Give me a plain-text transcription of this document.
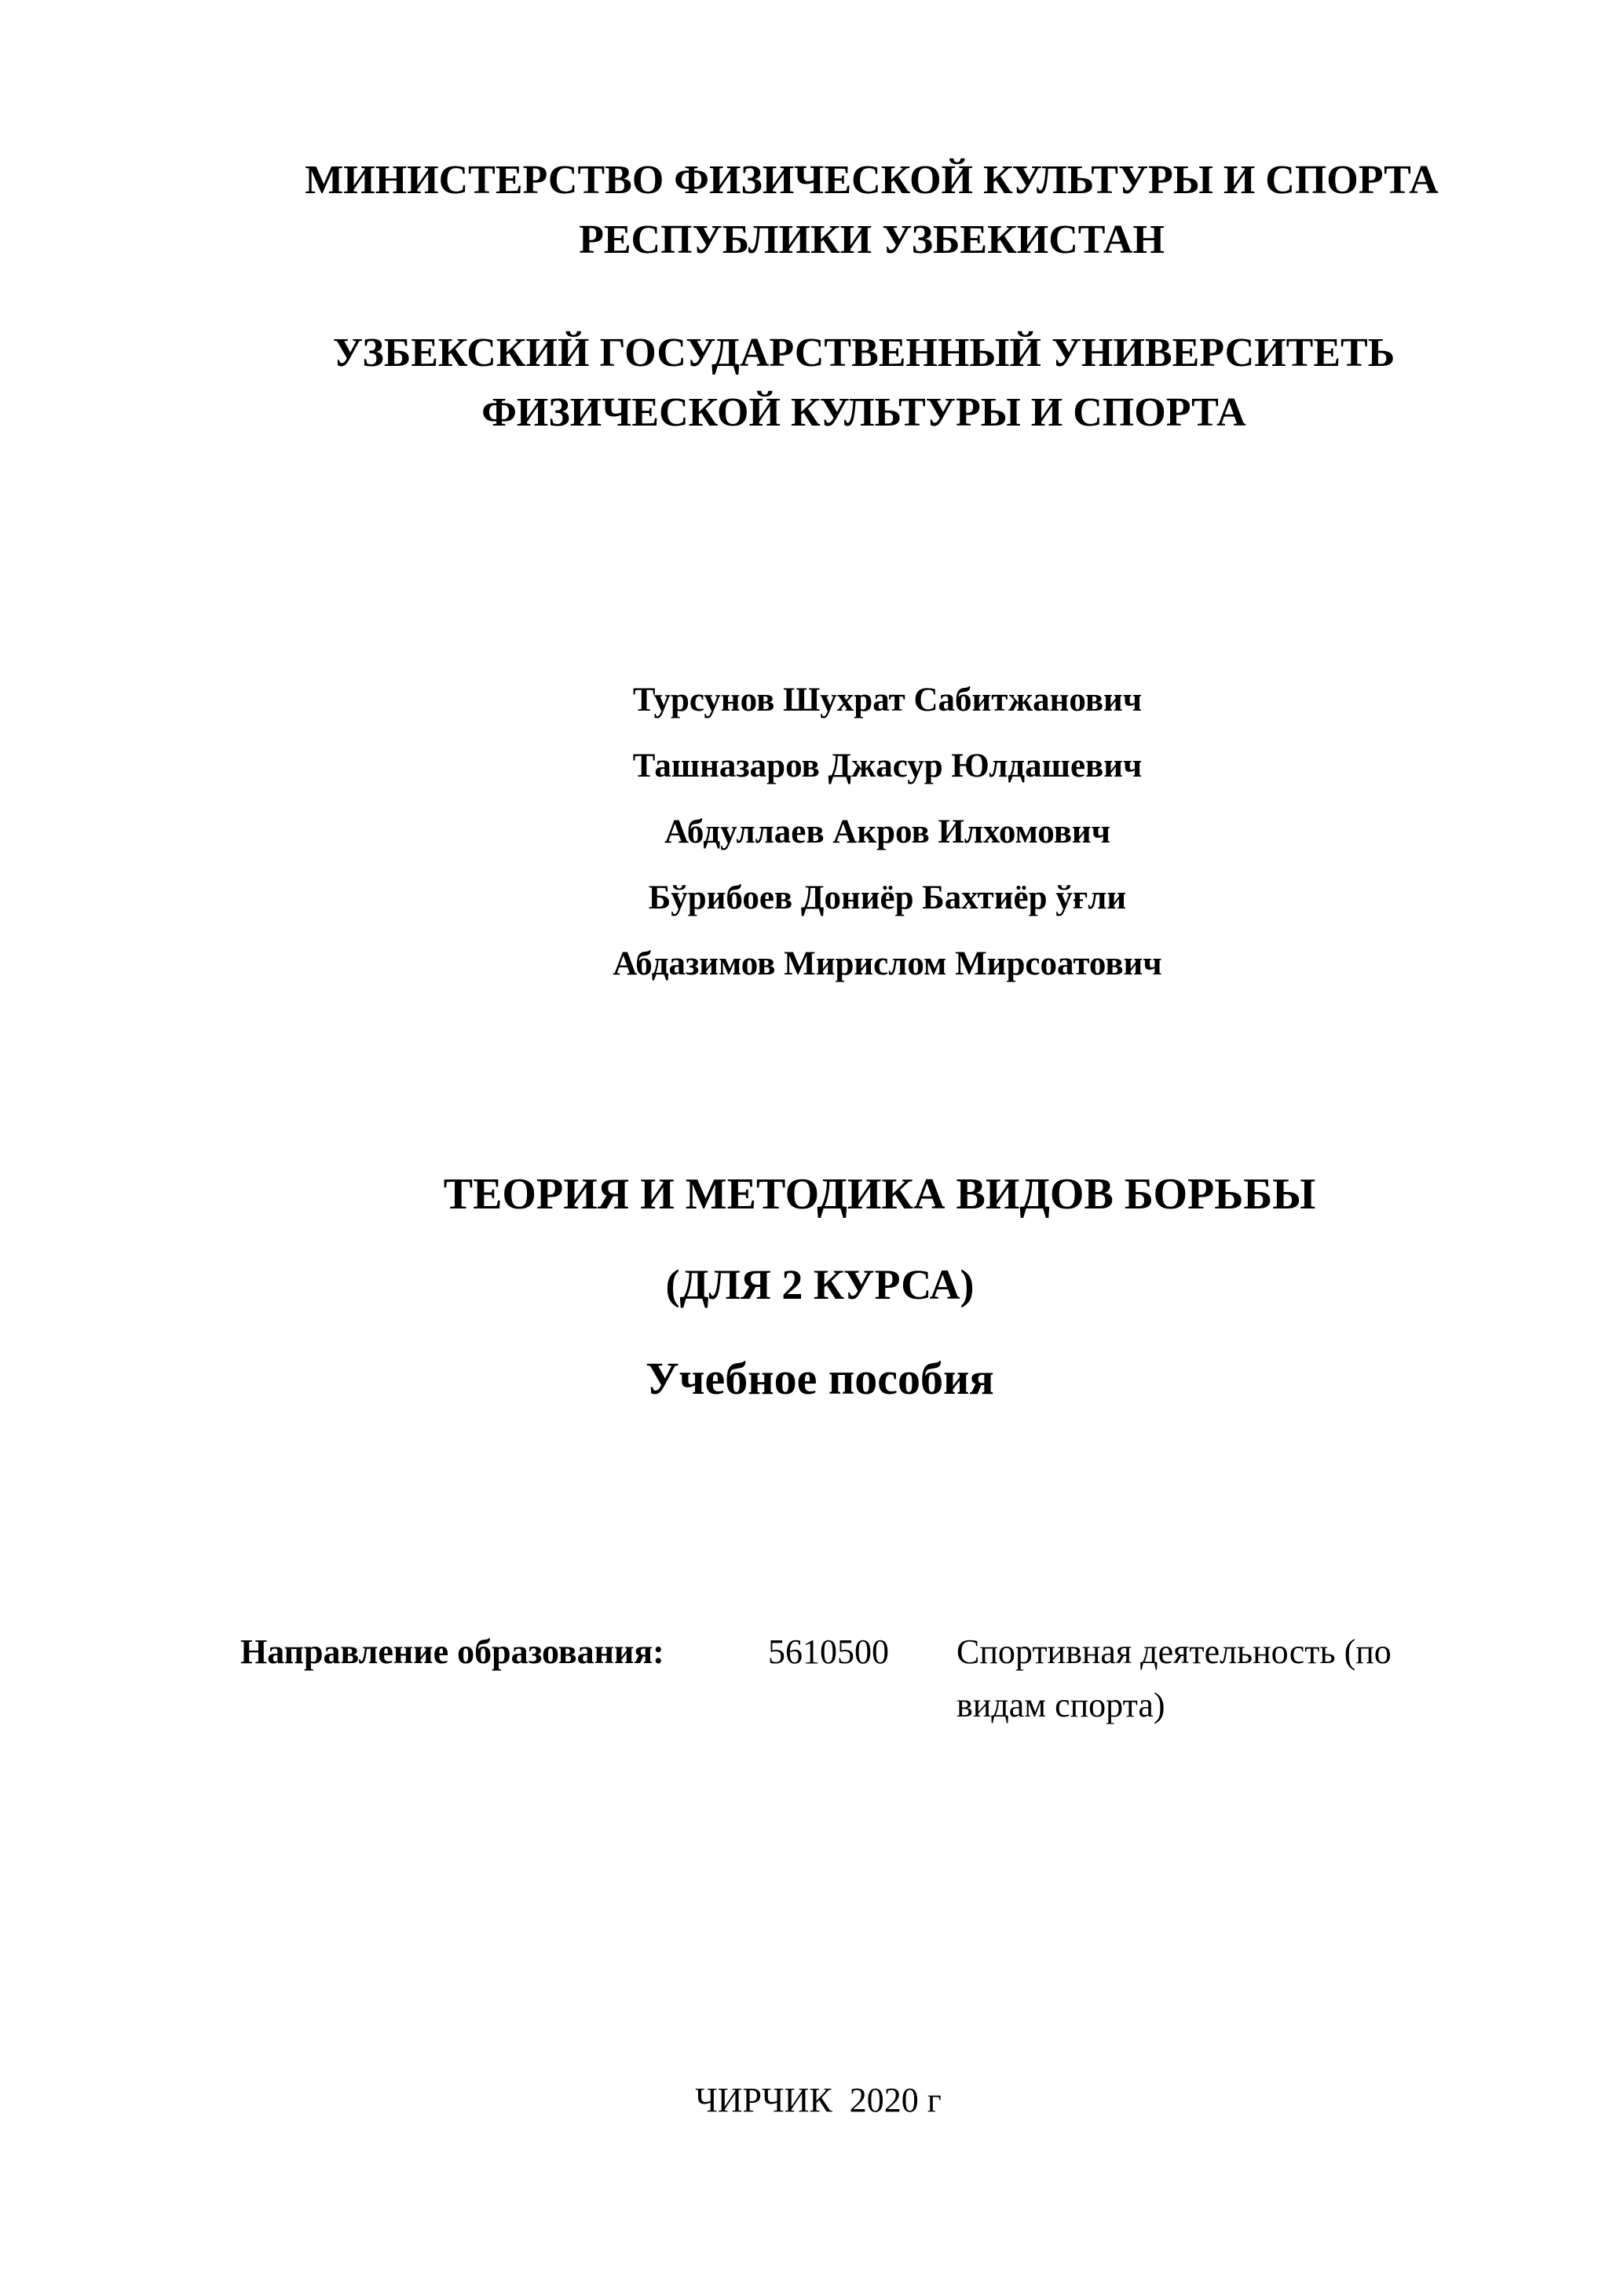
МИНИСТЕРСТВО ФИЗИЧЕСКОЙ КУЛЬТУРЫ И СПОРТА
РЕСПУБЛИКИ УЗБЕКИСТАН
УЗБЕКСКИЙ ГОСУДАРСТВЕННЫЙ УНИВЕРСИТЕТЬ
ФИЗИЧЕСКОЙ КУЛЬТУРЫ И СПОРТА
Турсунов Шухрат Сабитжанович
Ташназаров Джасур Юлдашевич
Абдуллаев Акров Илхомович
Бўрибоев Дониёр Бахтиёр ўғли
Абдазимов Мирислом Мирсоатович
ТЕОРИЯ И МЕТОДИКА ВИДОВ БОРЬБЫ
(ДЛЯ 2 КУРСА)
Учебное пособия
Направление образования:	5610500 Спортивная деятельность (по видам спорта)
ЧИРЧИК  2020 г
